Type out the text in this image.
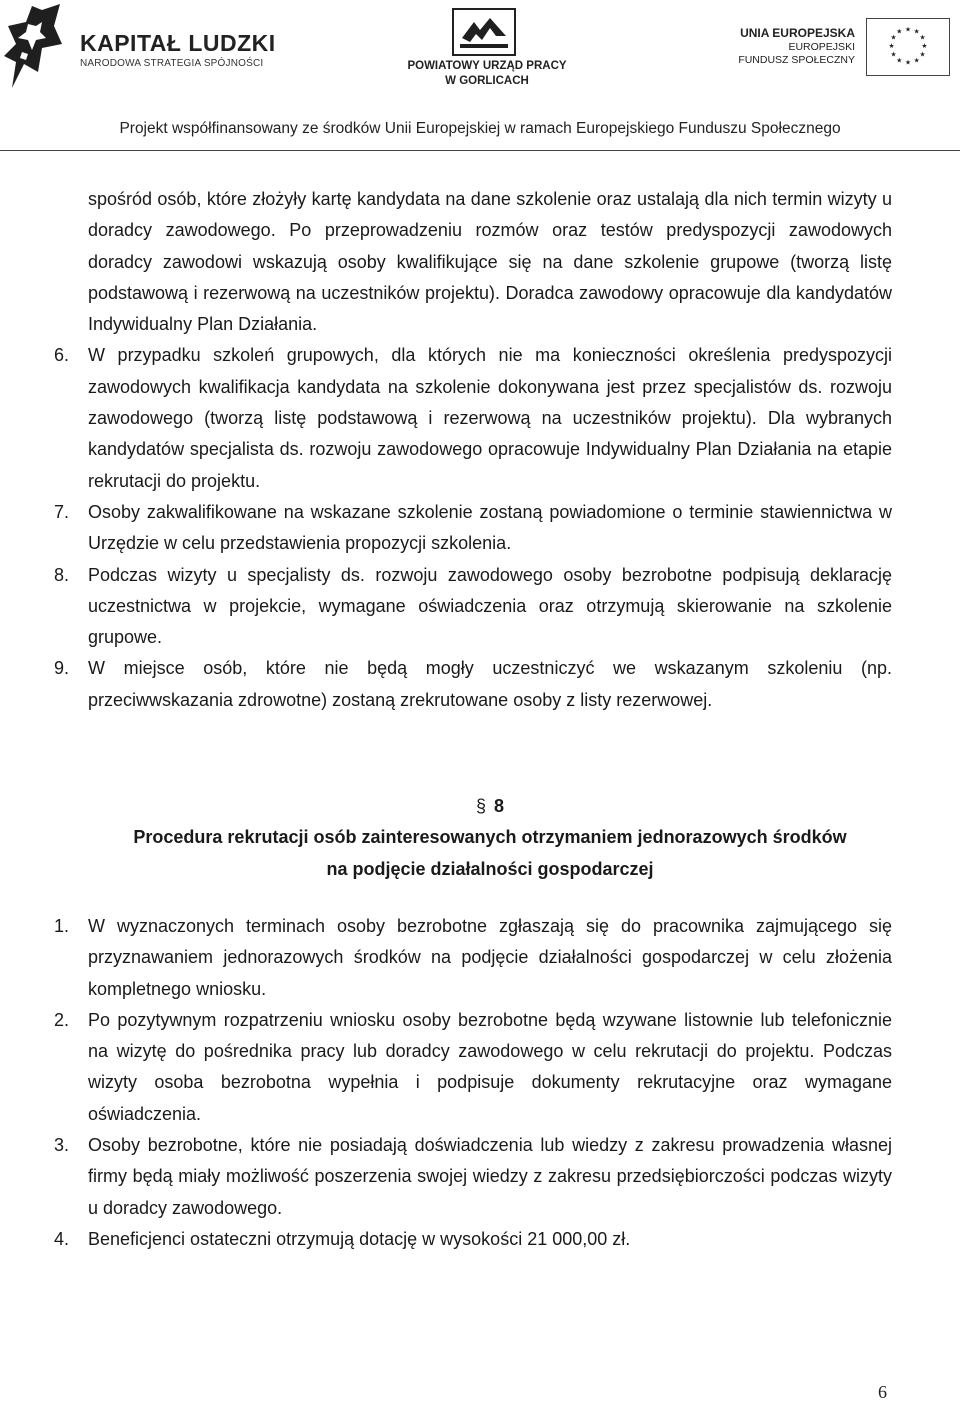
KAPITAŁ LUDZKI
NARODOWA STRATEGIA SPÓJNOŚCI	POWIATOWY URZĄD PRACY
W GORLICACH
UNIA EUROPEJSKA
EUROPEJSKI
FUNDUSZ SPOŁECZNY
★ ★
★
★
★
★
★
★
★
★
★
★
Projekt współfinansowany ze środków Unii Europejskiej w ramach Europejskiego Funduszu Społecznego

spośród osób, które złożyły kartę kandydata na dane szkolenie oraz ustalają dla nich termin wizyty u doradcy zawodowego. Po przeprowadzeniu rozmów oraz testów predyspozycji zawodowych doradcy zawodowi wskazują osoby kwalifikujące się na dane szkolenie grupowe (tworzą listę podstawową i rezerwową na uczestników projektu). Doradca zawodowy opracowuje dla kandydatów Indywidualny Plan Działania.

6. W przypadku szkoleń grupowych, dla których nie ma konieczności określenia predyspozycji zawodowych kwalifikacja kandydata na szkolenie dokonywana jest przez specjalistów ds. rozwoju zawodowego (tworzą listę podstawową i rezerwową na uczestników projektu). Dla wybranych kandydatów specjalista ds. rozwoju zawodowego opracowuje Indywidualny Plan Działania na etapie rekrutacji do projektu.
7. Osoby zakwalifikowane na wskazane szkolenie zostaną powiadomione o terminie stawiennictwa w Urzędzie w celu przedstawienia propozycji szkolenia.
8. Podczas wizyty u specjalisty ds. rozwoju zawodowego osoby bezrobotne podpisują deklarację uczestnictwa w projekcie, wymagane oświadczenia oraz otrzymują skierowanie na szkolenie grupowe.
9. W miejsce osób, które nie będą mogły uczestniczyć we wskazanym szkoleniu (np. przeciwwskazania zdrowotne) zostaną zrekrutowane osoby z listy rezerwowej.

§ 8

Procedura rekrutacji osób zainteresowanych otrzymaniem jednorazowych środków

na podjęcie działalności gospodarczej

1. W wyznaczonych terminach osoby bezrobotne zgłaszają się do pracownika zajmującego się przyznawaniem jednorazowych środków na podjęcie działalności gospodarczej w celu złożenia kompletnego wniosku.
2. Po pozytywnym rozpatrzeniu wniosku osoby bezrobotne będą wzywane listownie lub telefonicznie na wizytę do pośrednika pracy lub doradcy zawodowego w celu rekrutacji do projektu. Podczas wizyty osoba bezrobotna wypełnia i podpisuje dokumenty rekrutacyjne oraz wymagane oświadczenia.
3. Osoby bezrobotne, które nie posiadają doświadczenia lub wiedzy z zakresu prowadzenia własnej firmy będą miały możliwość poszerzenia swojej wiedzy z zakresu przedsiębiorczości podczas wizyty u doradcy zawodowego.
4. Beneficjenci ostateczni otrzymują dotację w wysokości 21 000,00 zł.
6
